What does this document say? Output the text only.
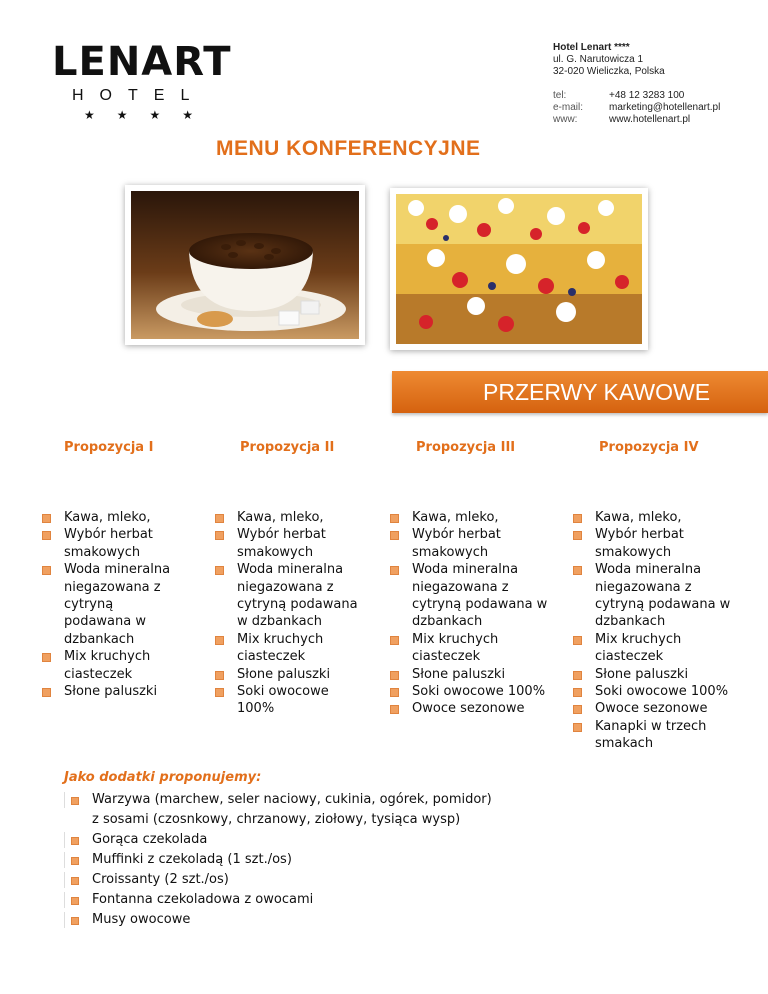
LENART
HOTEL
★★★★
Hotel Lenart ****
ul. G. Narutowicza 1
32-020 Wieliczka, Polska
tel:	+48 12 3283 100
e-mail:	marketing@hotellenart.pl
www:	www.hotellenart.pl
MENU KONFERENCYJNE
PRZERWY KAWOWE
Propozycja I
Kawa, mleko,
Wybór herbat smakowych
Woda mineralna niegazowana z cytryną podawana w dzbankach
Mix kruchych ciasteczek
Słone paluszki
Propozycja II
Kawa, mleko,
Wybór herbat smakowych
Woda mineralna niegazowana z cytryną podawana w dzbankach
Mix kruchych ciasteczek
Słone paluszki
Soki owocowe 100%
Propozycja III
Kawa, mleko,
Wybór herbat smakowych
Woda mineralna niegazowana z cytryną podawana w dzbankach
Mix kruchych ciasteczek
Słone paluszki
Soki owocowe 100%
Owoce sezonowe
Propozycja IV
Kawa, mleko,
Wybór herbat smakowych
Woda mineralna niegazowana z cytryną podawana w dzbankach
Mix kruchych ciasteczek
Słone paluszki
Soki owocowe 100%
Owoce sezonowe
Kanapki w trzech smakach
Jako dodatki proponujemy:
Warzywa (marchew, seler naciowy, cukinia, ogórek, pomidor)
z sosami (czosnkowy, chrzanowy, ziołowy, tysiąca wysp)
Gorąca czekolada
Muffinki z czekoladą (1 szt./os)
Croissanty (2 szt./os)
Fontanna czekoladowa z owocami
Musy owocowe
